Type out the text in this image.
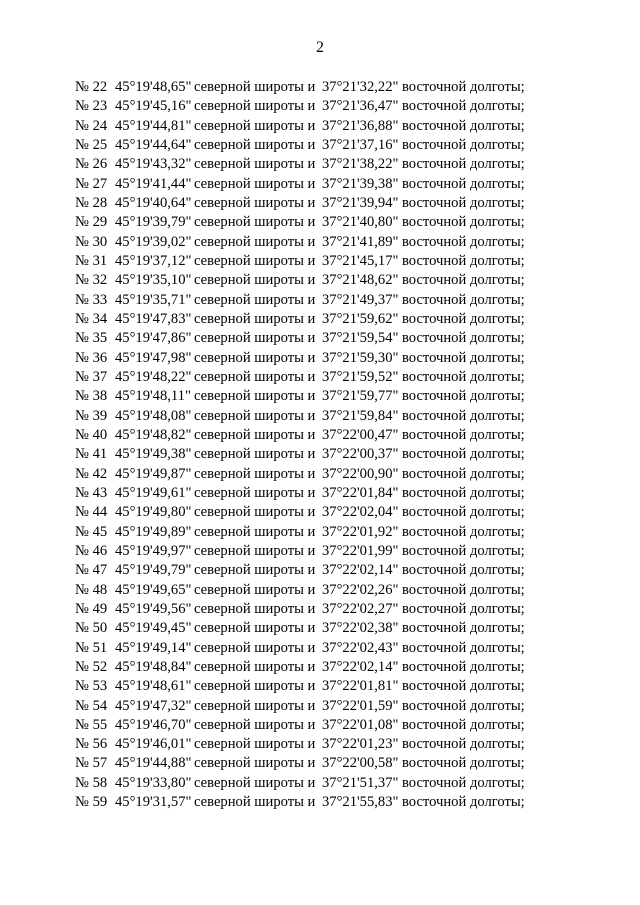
2
№ 22 45°19'48,65" северной широты и 37°21'32,22" восточной долготы;
№ 23 45°19'45,16" северной широты и 37°21'36,47" восточной долготы;
№ 24 45°19'44,81" северной широты и 37°21'36,88" восточной долготы;
№ 25 45°19'44,64" северной широты и 37°21'37,16" восточной долготы;
№ 26 45°19'43,32" северной широты и 37°21'38,22" восточной долготы;
№ 27 45°19'41,44" северной широты и 37°21'39,38" восточной долготы;
№ 28 45°19'40,64" северной широты и 37°21'39,94" восточной долготы;
№ 29 45°19'39,79" северной широты и 37°21'40,80" восточной долготы;
№ 30 45°19'39,02" северной широты и 37°21'41,89" восточной долготы;
№ 31 45°19'37,12" северной широты и 37°21'45,17" восточной долготы;
№ 32 45°19'35,10" северной широты и 37°21'48,62" восточной долготы;
№ 33 45°19'35,71" северной широты и 37°21'49,37" восточной долготы;
№ 34 45°19'47,83" северной широты и 37°21'59,62" восточной долготы;
№ 35 45°19'47,86" северной широты и 37°21'59,54" восточной долготы;
№ 36 45°19'47,98" северной широты и 37°21'59,30" восточной долготы;
№ 37 45°19'48,22" северной широты и 37°21'59,52" восточной долготы;
№ 38 45°19'48,11" северной широты и 37°21'59,77" восточной долготы;
№ 39 45°19'48,08" северной широты и 37°21'59,84" восточной долготы;
№ 40 45°19'48,82" северной широты и 37°22'00,47" восточной долготы;
№ 41 45°19'49,38" северной широты и 37°22'00,37" восточной долготы;
№ 42 45°19'49,87" северной широты и 37°22'00,90" восточной долготы;
№ 43 45°19'49,61" северной широты и 37°22'01,84" восточной долготы;
№ 44 45°19'49,80" северной широты и 37°22'02,04" восточной долготы;
№ 45 45°19'49,89" северной широты и 37°22'01,92" восточной долготы;
№ 46 45°19'49,97" северной широты и 37°22'01,99" восточной долготы;
№ 47 45°19'49,79" северной широты и 37°22'02,14" восточной долготы;
№ 48 45°19'49,65" северной широты и 37°22'02,26" восточной долготы;
№ 49 45°19'49,56" северной широты и 37°22'02,27" восточной долготы;
№ 50 45°19'49,45" северной широты и 37°22'02,38" восточной долготы;
№ 51 45°19'49,14" северной широты и 37°22'02,43" восточной долготы;
№ 52 45°19'48,84" северной широты и 37°22'02,14" восточной долготы;
№ 53 45°19'48,61" северной широты и 37°22'01,81" восточной долготы;
№ 54 45°19'47,32" северной широты и 37°22'01,59" восточной долготы;
№ 55 45°19'46,70" северной широты и 37°22'01,08" восточной долготы;
№ 56 45°19'46,01" северной широты и 37°22'01,23" восточной долготы;
№ 57 45°19'44,88" северной широты и 37°22'00,58" восточной долготы;
№ 58 45°19'33,80" северной широты и 37°21'51,37" восточной долготы;
№ 59 45°19'31,57" северной широты и 37°21'55,83" восточной долготы;
